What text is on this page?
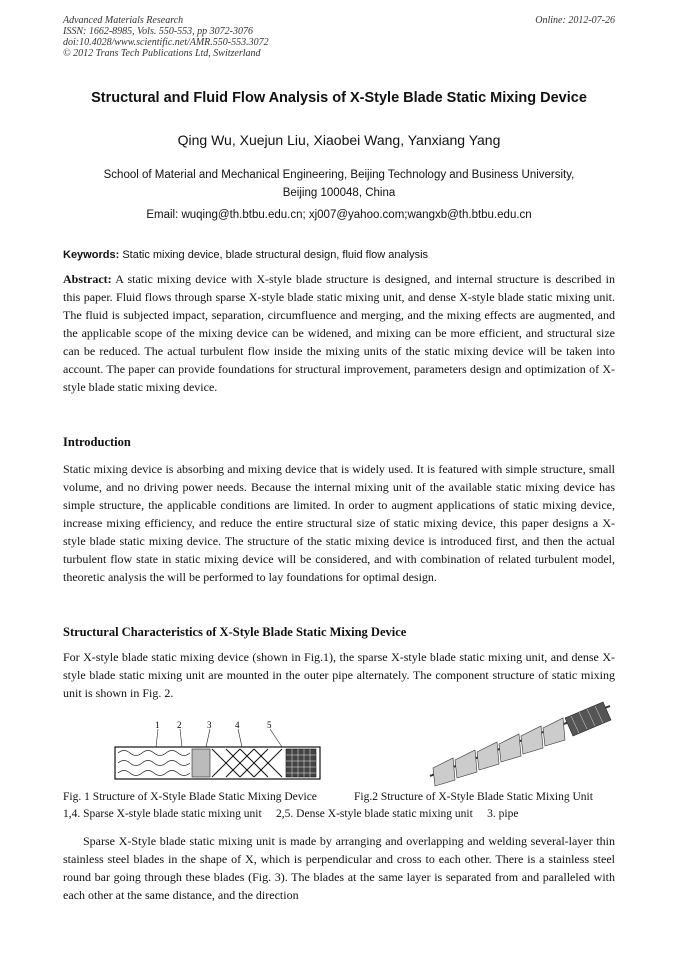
Advanced Materials Research
ISSN: 1662-8985, Vols. 550-553, pp 3072-3076
doi:10.4028/www.scientific.net/AMR.550-553.3072
© 2012 Trans Tech Publications Ltd, Switzerland
Online: 2012-07-26
Structural and Fluid Flow Analysis of X-Style Blade Static Mixing Device
Qing Wu, Xuejun Liu, Xiaobei Wang, Yanxiang Yang
School of Material and Mechanical Engineering, Beijing Technology and Business University,
Beijing 100048, China
Email: wuqing@th.btbu.edu.cn; xj007@yahoo.com;wangxb@th.btbu.edu.cn
Keywords: Static mixing device, blade structural design, fluid flow analysis

Abstract: A static mixing device with X-style blade structure is designed, and internal structure is described in this paper. Fluid flows through sparse X-style blade static mixing unit, and dense X-style blade static mixing unit. The fluid is subjected impact, separation, circumfluence and merging, and the mixing effects are augmented, and the applicable scope of the mixing device can be widened, and mixing can be more efficient, and structural size can be reduced. The actual turbulent flow inside the mixing units of the static mixing device will be taken into account. The paper can provide foundations for structural improvement, parameters design and optimization of X-style blade static mixing device.

Introduction

Static mixing device is absorbing and mixing device that is widely used. It is featured with simple structure, small volume, and no driving power needs. Because the internal mixing unit of the available static mixing device has simple structure, the applicable conditions are limited. In order to augment applications of static mixing device, increase mixing efficiency, and reduce the entire structural size of static mixing device, this paper designs a X-style blade static mixing device. The structure of the static mixing device is introduced first, and then the actual turbulent flow state in static mixing device will be considered, and with combination of related turbulent model, theoretic analysis the will be performed to lay foundations for optimal design.

Structural Characteristics of X-Style Blade Static Mixing Device

For X-style blade static mixing device (shown in Fig.1), the sparse X-style blade static mixing unit, and dense X-style blade static mixing unit are mounted in the outer pipe alternately. The component structure of static mixing unit is shown in Fig. 2.

1 2	3	4	5
Fig. 1 Structure of X-Style Blade Static Mixing Device	Fig.2 Structure of X-Style Blade Static Mixing Unit
1,4. Sparse X-style blade static mixing unit     2,5. Dense X-style blade static mixing unit     3. pipe

Sparse X-Style blade static mixing unit is made by arranging and overlapping and welding several-layer thin stainless steel blades in the shape of X, which is perpendicular and cross to each other. There is a stainless steel round bar going through these blades (Fig. 3). The blades at the same layer is separated from and paralleled with each other at the same distance, and the direction
